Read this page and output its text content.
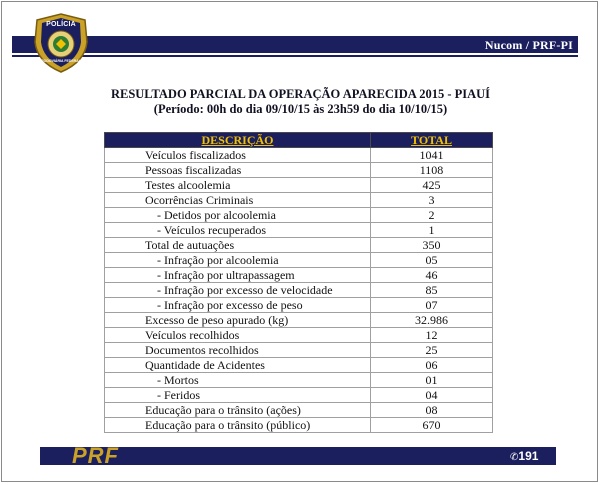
Nucom / PRF-PI
POLÍCIA
RODOVIÁRIA FEDERAL
RESULTADO PARCIAL DA OPERAÇÃO APARECIDA 2015 - PIAUÍ
(Período: 00h do dia 09/10/15 às 23h59 do dia 10/10/15)
DESCRIÇÃO	TOTAL
Veículos fiscalizados	1041
Pessoas fiscalizadas	1108
Testes alcoolemia	425
Ocorrências Criminais	3
- Detidos por alcoolemia	2
- Veículos recuperados	1
Total de autuações	350
- Infração por alcoolemia	05
- Infração por ultrapassagem	46
- Infração por excesso de velocidade	85
- Infração por excesso de peso	07
Excesso de peso apurado (kg)	32.986
Veículos recolhidos	12
Documentos recolhidos	25
Quantidade de Acidentes	06
- Mortos	01
- Feridos	04
Educação para o trânsito (ações)	08
Educação para o trânsito (público)	670
PRF	✆191
